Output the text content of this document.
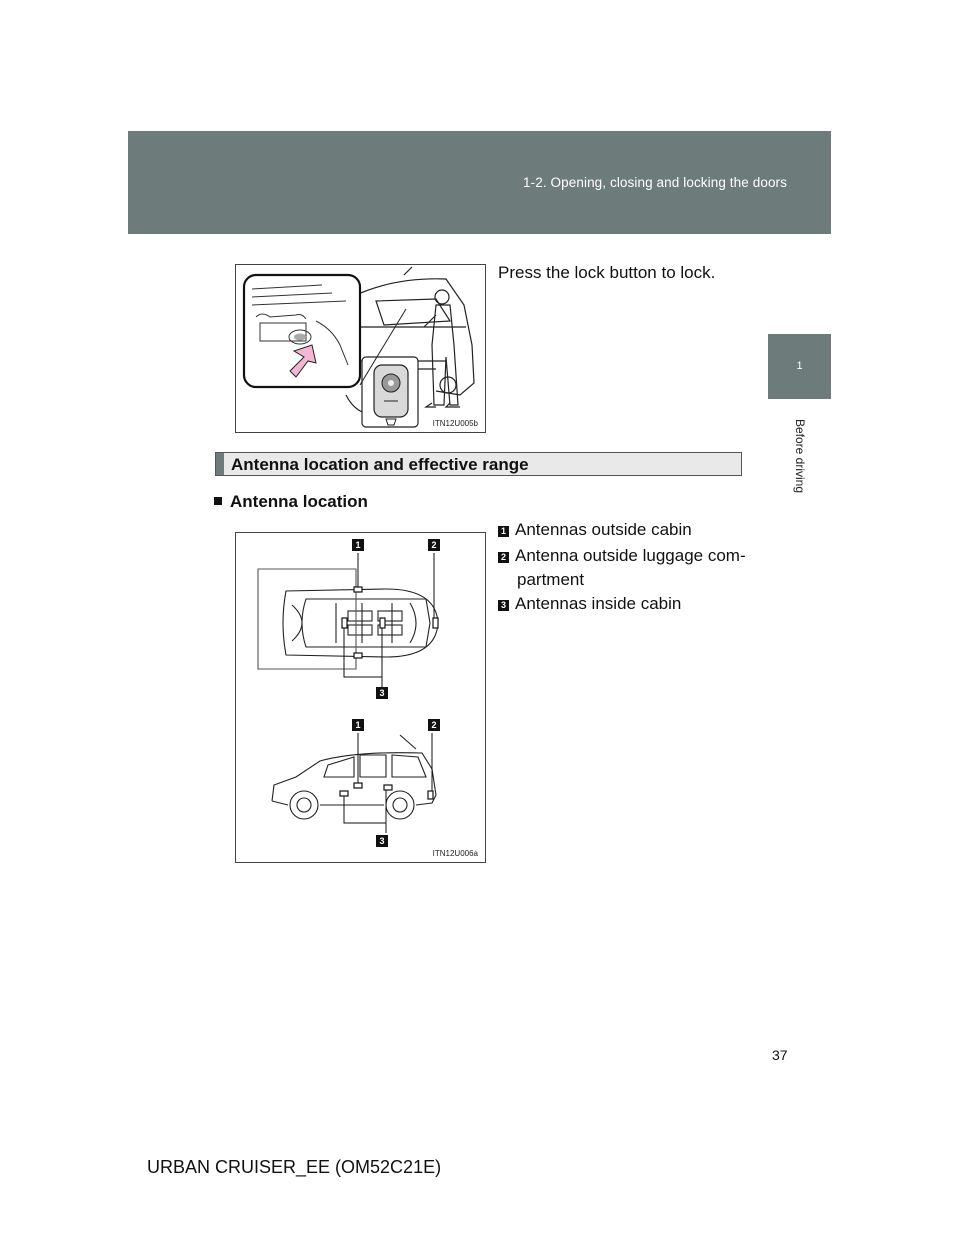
1-2. Opening, closing and locking the doors
1
Before driving
ITN12U005b
Press the lock button to lock.
Antenna location and effective range
Antenna location
1 Antennas outside cabin
2 Antenna outside luggage com-
partment
3 Antennas inside cabin
1	2
3
1	2
3
ITN12U006a
37
URBAN CRUISER_EE (OM52C21E)
